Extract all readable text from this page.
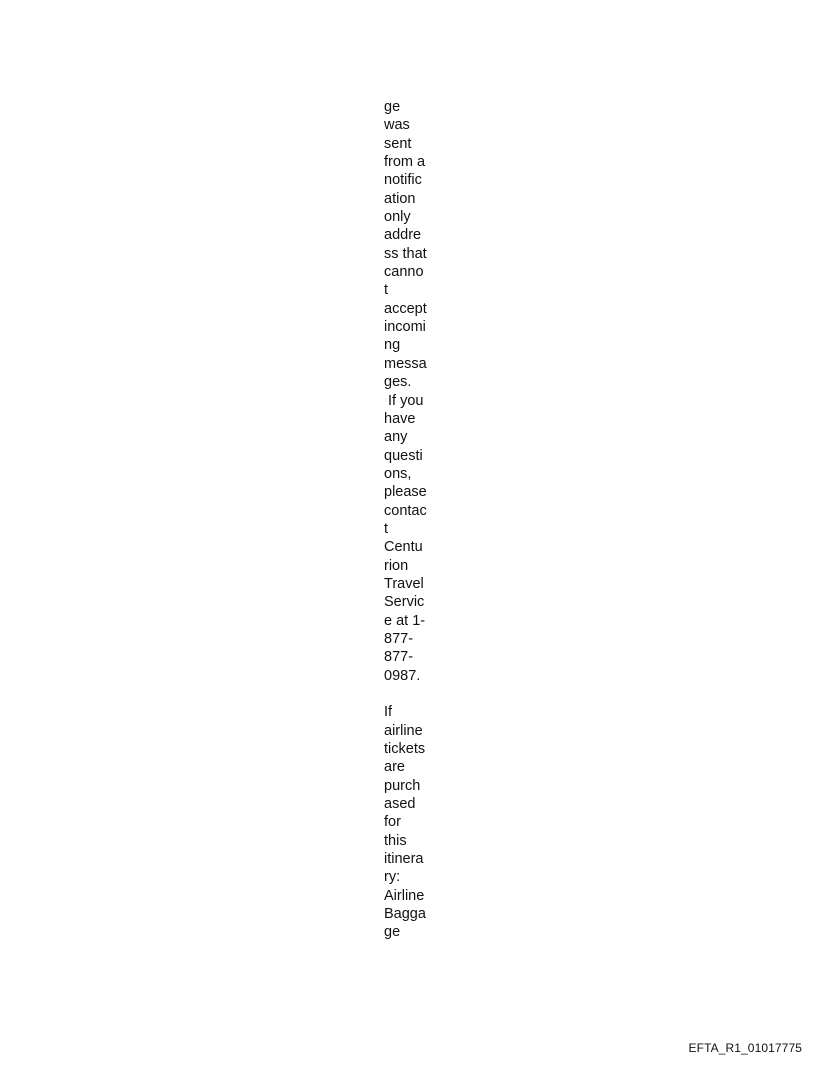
ge
was
sent
from a
notific
ation
only
addre
ss that
canno
t
accept
incomi
ng
messa
ges.
If you
have
any
questi
ons,
please
contac
t
Centu
rion
Travel
Servic
e at 1-
877-
877-
0987.
If
airline
tickets
are
purch
ased
for
this
itinera
ry:
Airline
Bagga
ge
EFTA_R1_01017775
